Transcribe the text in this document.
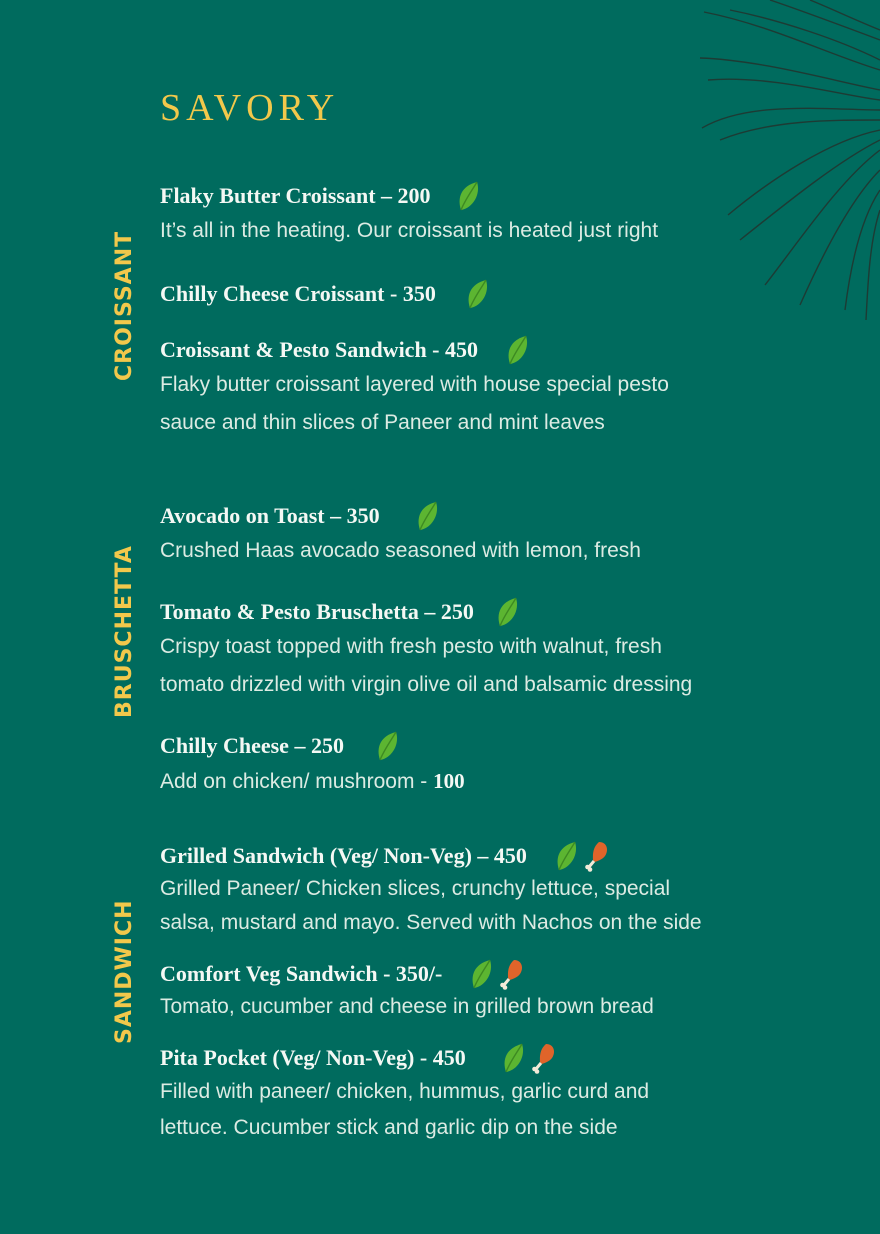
SAVORY
CROISSANT
BRUSCHETTA
SANDWICH
Flaky Butter Croissant – 200
It’s all in the heating. Our croissant is heated just right
Chilly Cheese Croissant - 350
Croissant & Pesto Sandwich - 450
Flaky butter croissant layered with house special pesto
sauce and thin slices of Paneer and mint leaves
Avocado on Toast – 350
Crushed Haas avocado seasoned with lemon, fresh
Tomato & Pesto Bruschetta – 250
Crispy toast topped with fresh pesto with walnut, fresh
tomato drizzled with virgin olive oil and balsamic dressing
Chilly Cheese – 250
Add on chicken/ mushroom - 100
Grilled Sandwich (Veg/ Non-Veg) – 450
Grilled Paneer/ Chicken slices, crunchy lettuce, special
salsa, mustard and mayo. Served with Nachos on the side
Comfort Veg Sandwich - 350/-
Tomato, cucumber and cheese in grilled brown bread
Pita Pocket (Veg/ Non-Veg) - 450
Filled with paneer/ chicken, hummus, garlic curd and
lettuce. Cucumber stick and garlic dip on the side
